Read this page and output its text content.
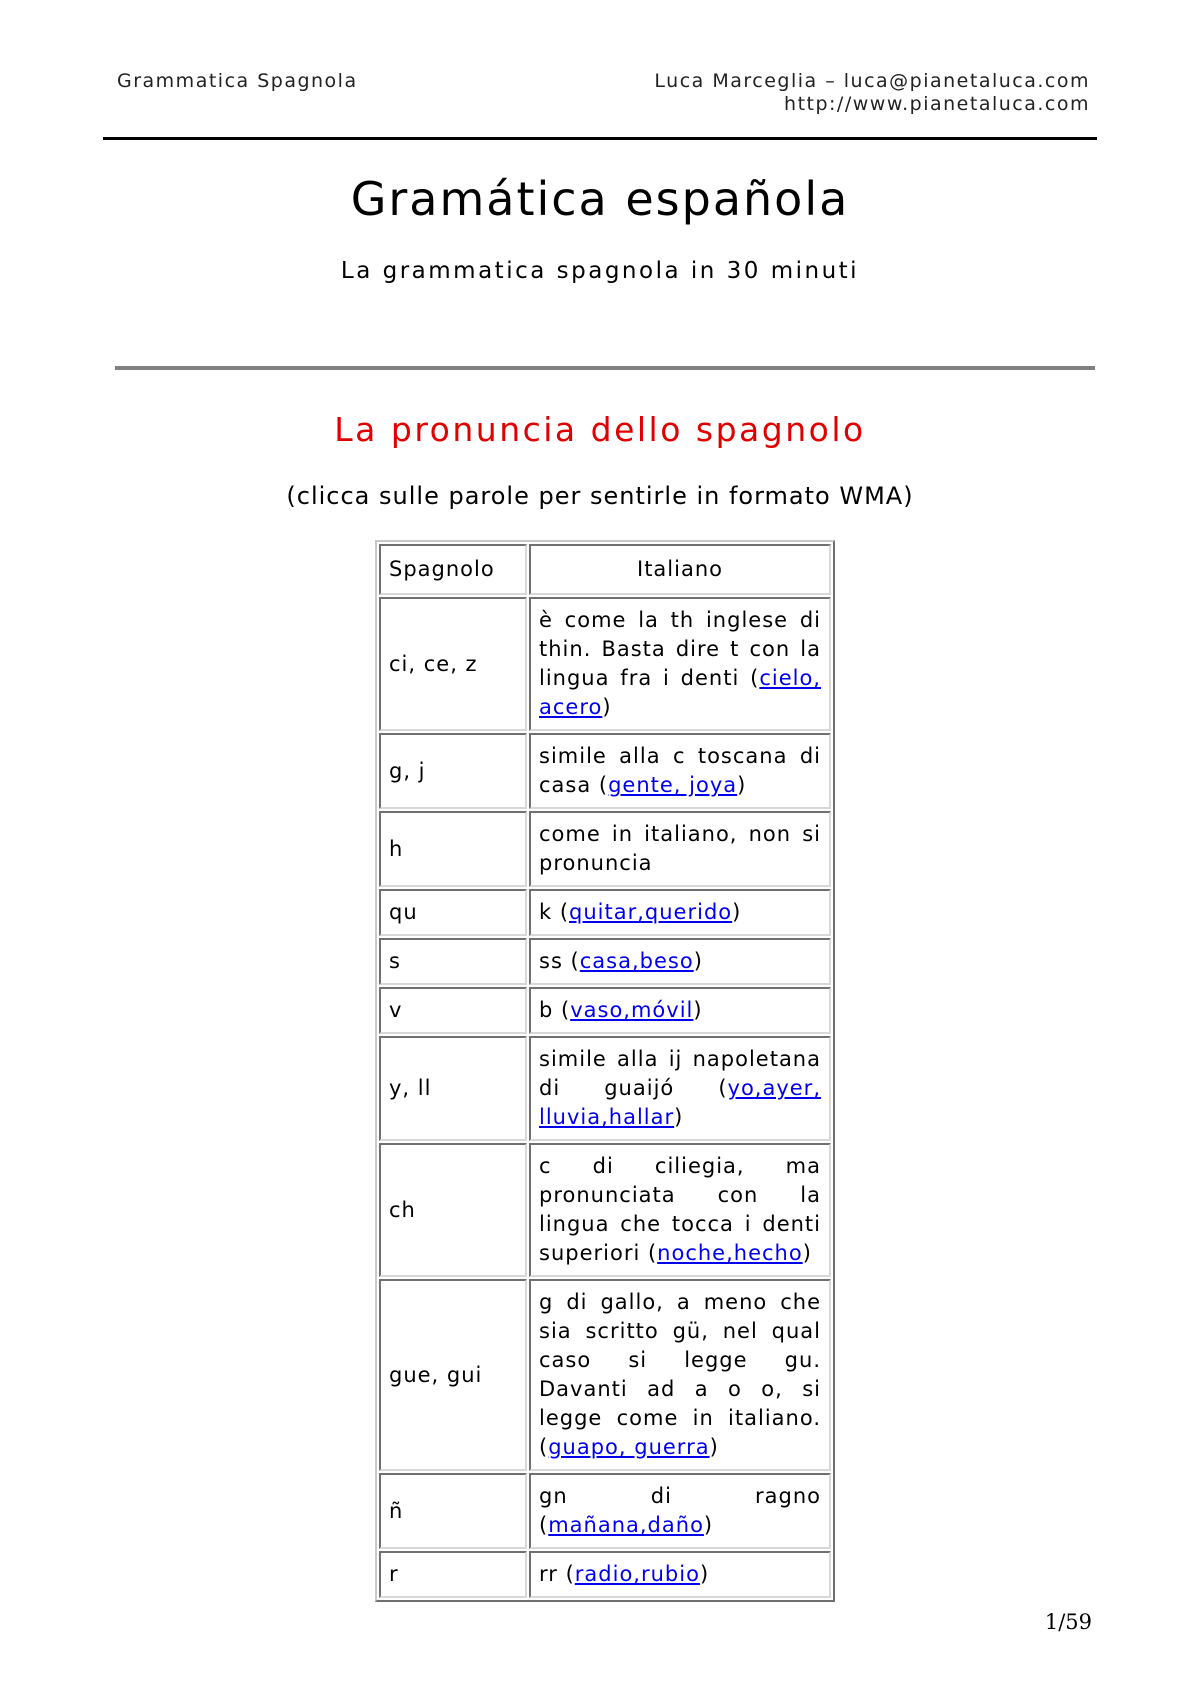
Grammatica Spagnola	Luca Marceglia – luca@pianetaluca.com
http://www.pianetaluca.com
Gramática española
La grammatica spagnola in 30 minuti
La pronuncia dello spagnolo
(clicca sulle parole per sentirle in formato WMA)
Spagnolo	Italiano
ci, ce, z	è come la th inglese di thin. Basta dire t con la lingua fra i denti (cielo, acero)
g, j	simile alla c toscana di casa (gente, joya)
h	come in italiano, non si pronuncia
qu	k (quitar,querido)
s	ss (casa,beso)
v	b (vaso,móvil)
y, ll	simile alla ij napoletana di guaijó (yo,ayer, lluvia,hallar)
ch	c di ciliegia, ma pronunciata con la lingua che tocca i denti superiori (noche,hecho)
gue, gui	g di gallo, a meno che sia scritto gü, nel qual caso si legge gu. Davanti ad a o o, si legge come in italiano. (guapo, guerra)
ñ	gn di ragno (mañana,daño)
r	rr (radio,rubio)
1/59
